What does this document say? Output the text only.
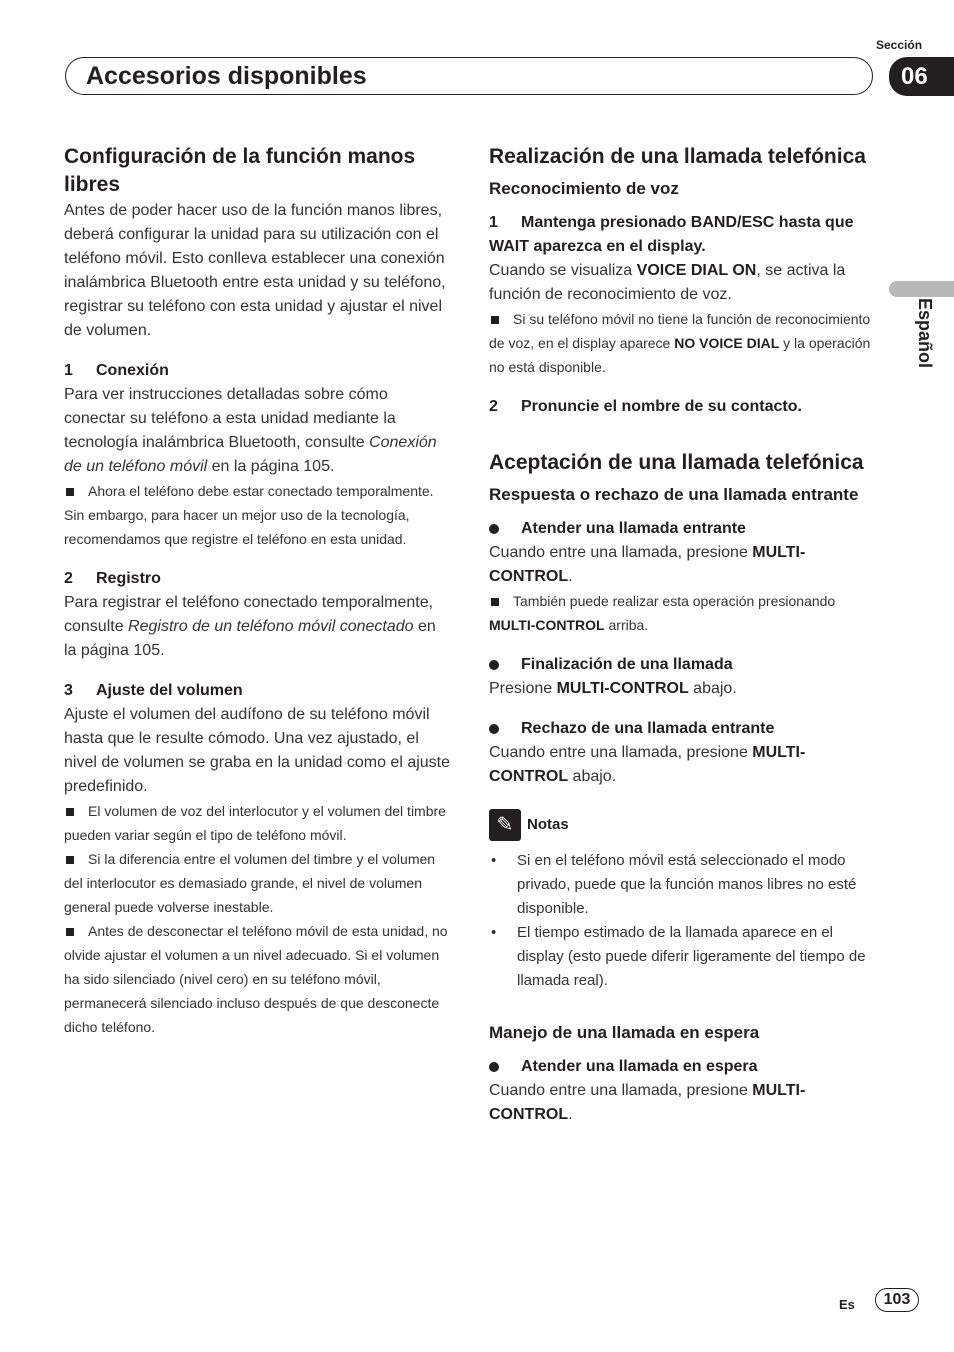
Sección
Accesorios disponibles	06
Español
Configuración de la función manos libres

Antes de poder hacer uso de la función manos libres, deberá configurar la unidad para su utilización con el teléfono móvil. Esto conlleva establecer una conexión inalámbrica Bluetooth entre esta unidad y su teléfono, registrar su teléfono con esta unidad y ajustar el nivel de volumen.

1 Conexión

Para ver instrucciones detalladas sobre cómo conectar su teléfono a esta unidad mediante la tecnología inalámbrica Bluetooth, consulte Conexión de un teléfono móvil en la página 105.

Ahora el teléfono debe estar conectado temporalmente. Sin embargo, para hacer un mejor uso de la tecnología, recomendamos que registre el teléfono en esta unidad.
2 Registro

Para registrar el teléfono conectado temporalmente, consulte Registro de un teléfono móvil conectado en la página 105.

3 Ajuste del volumen

Ajuste el volumen del audífono de su teléfono móvil hasta que le resulte cómodo. Una vez ajustado, el nivel de volumen se graba en la unidad como el ajuste predefinido.

El volumen de voz del interlocutor y el volumen del timbre pueden variar según el tipo de teléfono móvil.
Si la diferencia entre el volumen del timbre y el volumen del interlocutor es demasiado grande, el nivel de volumen general puede volverse inestable.
Antes de desconectar el teléfono móvil de esta unidad, no olvide ajustar el volumen a un nivel adecuado. Si el volumen ha sido silenciado (nivel cero) en su teléfono móvil, permanecerá silenciado incluso después de que desconecte dicho teléfono.
Realización de una llamada telefónica
Reconocimiento de voz
1 Mantenga presionado BAND/ESC hasta que WAIT aparezca en el display.

Cuando se visualiza VOICE DIAL ON, se activa la función de reconocimiento de voz.

Si su teléfono móvil no tiene la función de reconocimiento de voz, en el display aparece NO VOICE DIAL y la operación no está disponible.
2 Pronuncie el nombre de su contacto.
Aceptación de una llamada telefónica
Respuesta o rechazo de una llamada entrante
Atender una llamada entrante

Cuando entre una llamada, presione MULTI-CONTROL.

También puede realizar esta operación presionando MULTI-CONTROL arriba.
Finalización de una llamada

Presione MULTI-CONTROL abajo.

Rechazo de una llamada entrante

Cuando entre una llamada, presione MULTI-CONTROL abajo.

✎ Notas
•	Si en el teléfono móvil está seleccionado el modo privado, puede que la función manos libres no esté disponible.
•	El tiempo estimado de la llamada aparece en el display (esto puede diferir ligeramente del tiempo de llamada real).
Manejo de una llamada en espera
Atender una llamada en espera

Cuando entre una llamada, presione MULTI-CONTROL.

Es	103
